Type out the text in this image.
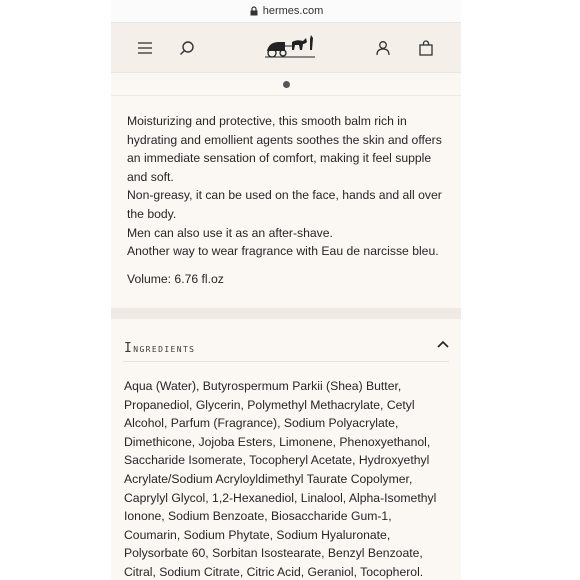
hermes.com

Moisturizing and protective, this smooth balm rich in hydrating and emollient agents soothes the skin and offers an immediate sensation of comfort, making it feel supple and soft.

Non-greasy, it can be used on the face, hands and all over the body.

Men can also use it as an after-shave.

Another way to wear fragrance with Eau de narcisse bleu.

Volume: 6.76 fl.oz

Ingredients
Aqua (Water), Butyrospermum Parkii (Shea) Butter, Propanediol, Glycerin, Polymethyl Methacrylate, Cetyl Alcohol, Parfum (Fragrance), Sodium Polyacrylate, Dimethicone, Jojoba Esters, Limonene, Phenoxyethanol, Saccharide Isomerate, Tocopheryl Acetate, Hydroxyethyl Acrylate/Sodium Acryloyldimethyl Taurate Copolymer, Caprylyl Glycol, 1,2-Hexanediol, Linalool, Alpha-Isomethyl Ionone, Sodium Benzoate, Biosaccharide Gum-1, Coumarin, Sodium Phytate, Sodium Hyaluronate, Polysorbate 60, Sorbitan Isostearate, Benzyl Benzoate, Citral, Sodium Citrate, Citric Acid, Geraniol, Tocopherol.
